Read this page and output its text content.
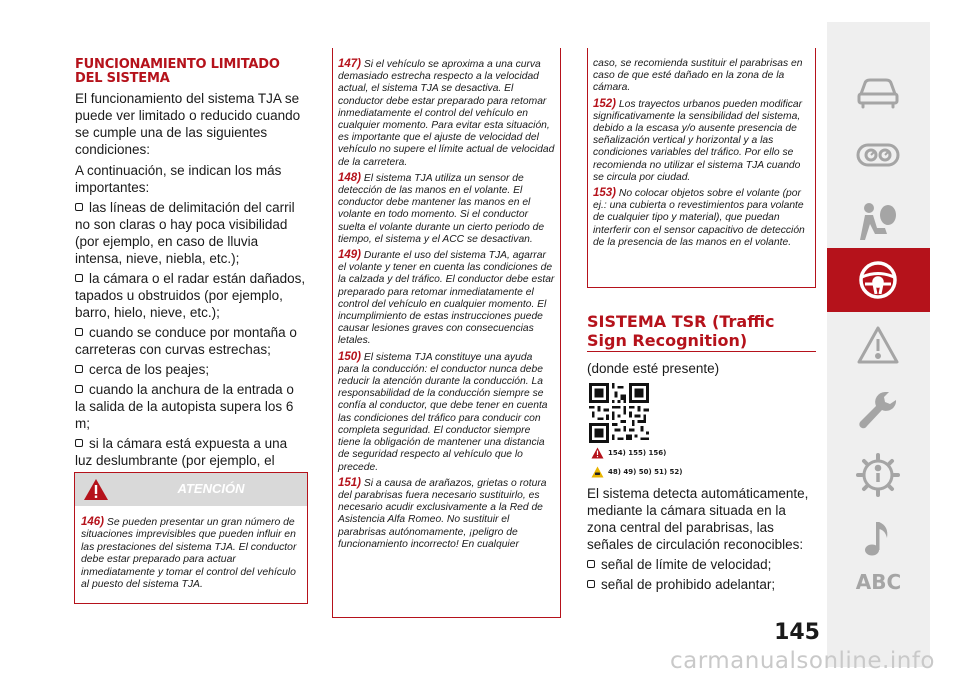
FUNCIONAMIENTO LIMITADO DEL SISTEMA

El funcionamiento del sistema TJA se puede ver limitado o reducido cuando se cumple una de las siguientes condiciones:

A continuación, se indican los más importantes:

las líneas de delimitación del carril no son claras o hay poca visibilidad (por ejemplo, en caso de lluvia intensa, nieve, niebla, etc.);
la cámara o el radar están dañados, tapados u obstruidos (por ejemplo, barro, hielo, nieve, etc.);
cuando se conduce por montaña o carreteras con curvas estrechas;
cerca de los peajes;
cuando la anchura de la entrada o la salida de la autopista supera los 6 m;
si la cámara está expuesta a una luz deslumbrante (por ejemplo, el
ATENCIÓN
146) Se pueden presentar un gran número de situaciones imprevisibles que pueden influir en las prestaciones del sistema TJA. El conductor debe estar preparado para actuar inmediatamente y tomar el control del vehículo al puesto del sistema TJA.
147) Si el vehículo se aproxima a una curva demasiado estrecha respecto a la velocidad actual, el sistema TJA se desactiva. El conductor debe estar preparado para retomar inmediatamente el control del vehículo en cualquier momento. Para evitar esta situación, es importante que el ajuste de velocidad del vehículo no supere el límite actual de velocidad de la carretera.
148) El sistema TJA utiliza un sensor de detección de las manos en el volante. El conductor debe mantener las manos en el volante en todo momento. Si el conductor suelta el volante durante un cierto periodo de tiempo, el sistema y el ACC se desactivan.
149) Durante el uso del sistema TJA, agarrar el volante y tener en cuenta las condiciones de la calzada y del tráfico. El conductor debe estar preparado para retomar inmediatamente el control del vehículo en cualquier momento. El incumplimiento de estas instrucciones puede causar lesiones graves con consecuencias letales.
150) El sistema TJA constituye una ayuda para la conducción: el conductor nunca debe reducir la atención durante la conducción. La responsabilidad de la conducción siempre se confía al conductor, que debe tener en cuenta las condiciones del tráfico para conducir con completa seguridad. El conductor siempre tiene la obligación de mantener una distancia de seguridad respecto al vehículo que lo precede.
151) Si a causa de arañazos, grietas o rotura del parabrisas fuera necesario sustituirlo, es necesario acudir exclusivamente a la Red de Asistencia Alfa Romeo. No sustituir el parabrisas autónomamente, ¡peligro de funcionamiento incorrecto! En cualquier
caso, se recomienda sustituir el parabrisas en caso de que esté dañado en la zona de la cámara.
152) Los trayectos urbanos pueden modificar significativamente la sensibilidad del sistema, debido a la escasa y/o ausente presencia de señalización vertical y horizontal y a las condiciones variables del tráfico. Por ello se recomienda no utilizar el sistema TJA cuando se circula por ciudad.
153) No colocar objetos sobre el volante (por ej.: una cubierta o revestimientos para volante de cualquier tipo y material), que puedan interferir con el sensor capacitivo de detección de la presencia de las manos en el volante.
SISTEMA TSR (Traffic Sign Recognition)

(donde esté presente)

154) 155) 156)
48) 49) 50) 51) 52)

El sistema detecta automáticamente, mediante la cámara situada en la zona central del parabrisas, las señales de circulación reconocibles:

señal de límite de velocidad;
señal de prohibido adelantar;	ABC
145
carmanualsonline.info
